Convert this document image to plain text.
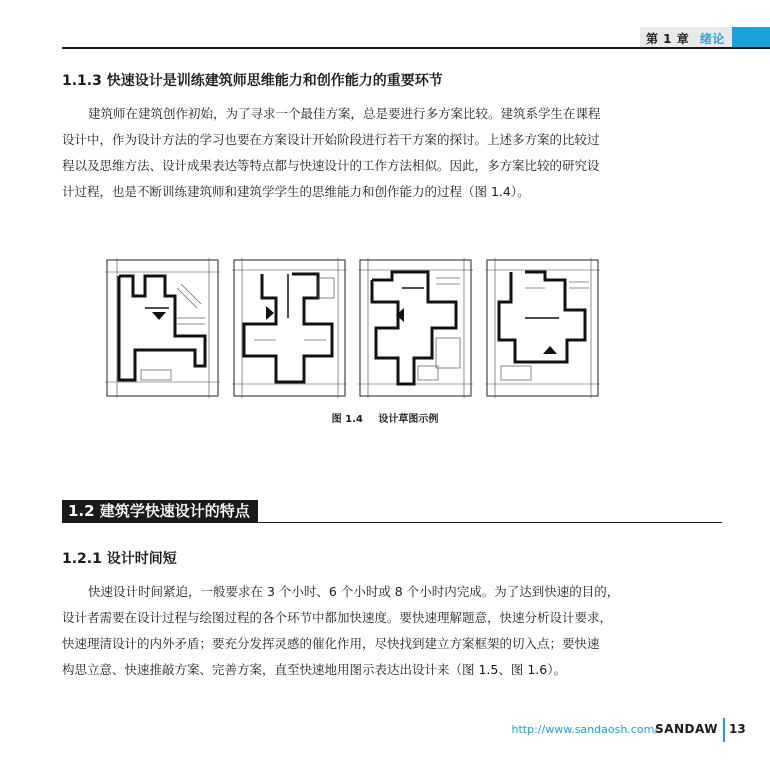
第 1 章 绪论
1.1.3 快速设计是训练建筑师思维能力和创作能力的重要环节
建筑师在建筑创作初始，为了寻求一个最佳方案，总是要进行多方案比较。建筑系学生在课程
设计中，作为设计方法的学习也要在方案设计开始阶段进行若干方案的探讨。上述多方案的比较过
程以及思维方法、设计成果表达等特点都与快速设计的工作方法相似。因此，多方案比较的研究设
计过程，也是不断训练建筑师和建筑学学生的思维能力和创作能力的过程（图 1.4）。
图 1.4 设计草图示例
1.2 建筑学快速设计的特点
1.2.1 设计时间短
快速设计时间紧迫，一般要求在 3 个小时、6 个小时或 8 个小时内完成。为了达到快速的目的，
设计者需要在设计过程与绘图过程的各个环节中都加快速度。要快速理解题意，快速分析设计要求，
快速理清设计的内外矛盾；要充分发挥灵感的催化作用，尽快找到建立方案框架的切入点；要快速
构思立意、快速推敲方案、完善方案，直至快速地用图示表达出设计来（图 1.5、图 1.6）。
http://www.sandaosh.com/
SANDAW 13
